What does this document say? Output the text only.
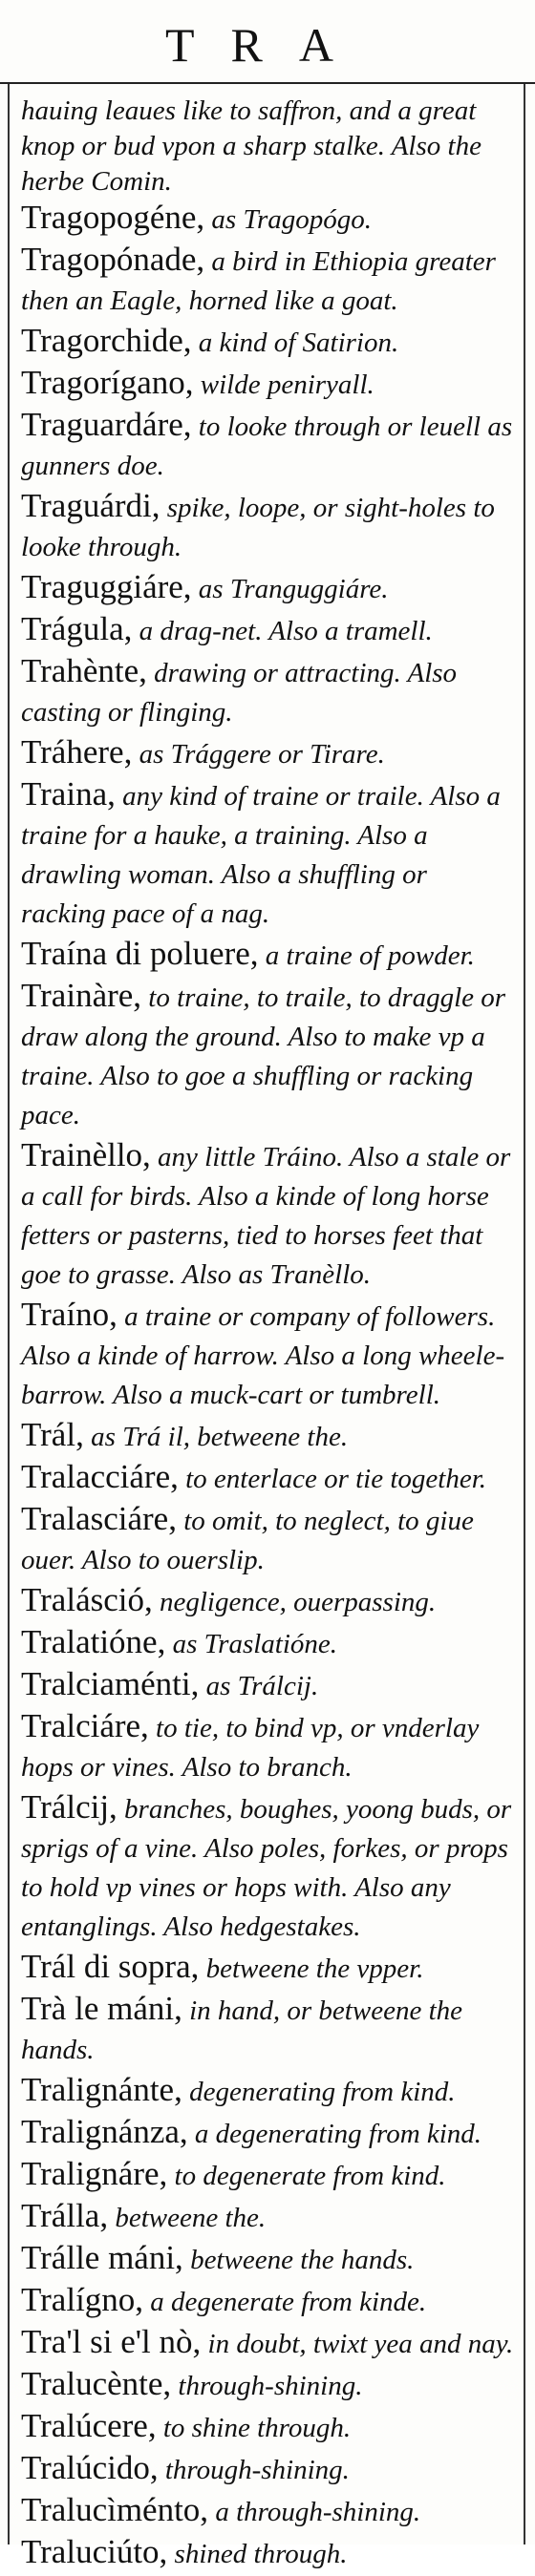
TRA

hauing leaues like to saffron, and a great knop or bud vpon a sharp stalke. Also the herbe Comin.

Tragopogéne, as Tragopógo.

Tragopónade, a bird in Ethiopia greater then an Eagle, horned like a goat.

Tragorchide, a kind of Satirion.

Tragorígano, wilde peniryall.

Traguardáre, to looke through or leuell as gunners doe.

Traguárdi, spike, loope, or sight-holes to looke through.

Traguggiáre, as Tranguggiáre.

Trágula, a drag-net. Also a tramell.

Trahènte, drawing or attracting. Also casting or flinging.

Tráhere, as Trággere or Tirare.

Traina, any kind of traine or traile. Also a traine for a hauke, a training. Also a drawling woman. Also a shuffling or racking pace of a nag.

Traína di poluere, a traine of powder.

Trainàre, to traine, to traile, to draggle or draw along the ground. Also to make vp a traine. Also to goe a shuffling or racking pace.

Trainèllo, any little Tráino. Also a stale or a call for birds. Also a kinde of long horse fetters or pasterns, tied to horses feet that goe to grasse. Also as Tranèllo.

Traíno, a traine or company of followers. Also a kinde of harrow. Also a long wheele-barrow. Also a muck-cart or tumbrell.

Trál, as Trá il, betweene the.

Tralacciáre, to enterlace or tie together.

Tralasciáre, to omit, to neglect, to giue ouer. Also to ouerslip.

Tralásció, negligence, ouerpassing.

Tralatióne, as Traslatióne.

Tralciaménti, as Trálcij.

Tralciáre, to tie, to bind vp, or vnderlay hops or vines. Also to branch.

Trálcij, branches, boughes, yoong buds, or sprigs of a vine. Also poles, forkes, or props to hold vp vines or hops with. Also any entanglings. Also hedgestakes.

Trál di sopra, betweene the vpper.

Trà le máni, in hand, or betweene the hands.

Tralignánte, degenerating from kind.

Tralignánza, a degenerating from kind.

Tralignáre, to degenerate from kind.

Trálla, betweene the.

Trálle máni, betweene the hands.

Tralígno, a degenerate from kinde.

Tra'l si e'l nò, in doubt, twixt yea and nay.

Tralucènte, through-shining.

Tralúcere, to shine through.

Tralúcido, through-shining.

Tralucìménto, a through-shining.

Traluciúto, shined through.
